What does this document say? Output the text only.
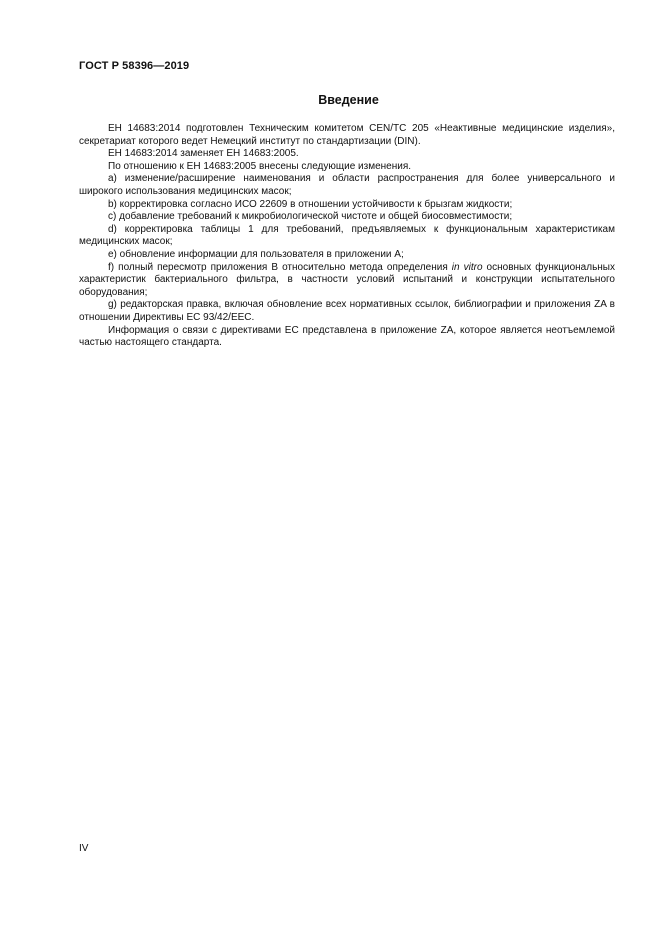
ГОСТ Р 58396—2019
Введение

ЕН 14683:2014 подготовлен Техническим комитетом CEN/TC 205 «Неактивные медицинские изделия», секретариат которого ведет Немецкий институт по стандартизации (DIN).

ЕН 14683:2014 заменяет ЕН 14683:2005.

По отношению к ЕН 14683:2005 внесены следующие изменения.

a) изменение/расширение наименования и области распространения для более универсального и широкого использования медицинских масок;

b) корректировка согласно ИСО 22609 в отношении устойчивости к брызгам жидкости;

c) добавление требований к микробиологической чистоте и общей биосовместимости;

d) корректировка таблицы 1 для требований, предъявляемых к функциональным характеристикам медицинских масок;

e) обновление информации для пользователя в приложении А;

f) полный пересмотр приложения В относительно метода определения in vitro основных функциональных характеристик бактериального фильтра, в частности условий испытаний и конструкции испытательного оборудования;

g) редакторская правка, включая обновление всех нормативных ссылок, библиографии и приложения ZA в отношении Директивы ЕС 93/42/ЕЕС.

Информация о связи с директивами ЕС представлена в приложение ZA, которое является неотъемлемой частью настоящего стандарта.

IV
